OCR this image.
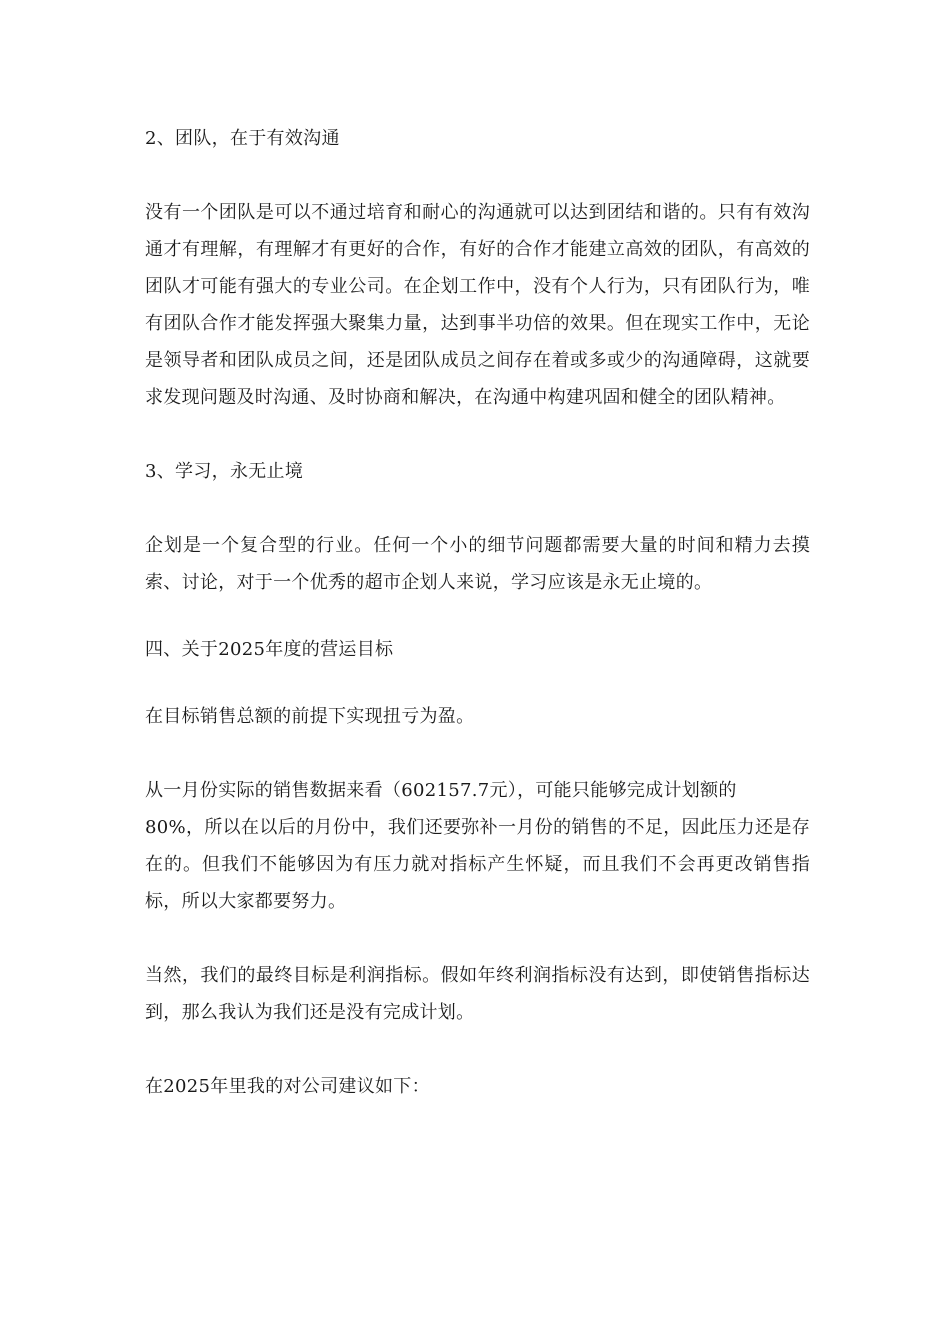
2、团队，在于有效沟通

没有一个团队是可以不通过培育和耐心的沟通就可以达到团结和谐的。只有有效沟通才有理解，有理解才有更好的合作，有好的合作才能建立高效的团队，有高效的团队才可能有强大的专业公司。在企划工作中，没有个人行为，只有团队行为，唯有团队合作才能发挥强大聚集力量，达到事半功倍的效果。但在现实工作中，无论是领导者和团队成员之间，还是团队成员之间存在着或多或少的沟通障碍，这就要求发现问题及时沟通、及时协商和解决，在沟通中构建巩固和健全的团队精神。

3、学习，永无止境

企划是一个复合型的行业。任何一个小的细节问题都需要大量的时间和精力去摸索、讨论，对于一个优秀的超市企划人来说，学习应该是永无止境的。

四、关于2025年度的营运目标

在目标销售总额的前提下实现扭亏为盈。

从一月份实际的销售数据来看（602157.7元），可能只能够完成计划额的

80%，所以在以后的月份中，我们还要弥补一月份的销售的不足，因此压力还是存在的。但我们不能够因为有压力就对指标产生怀疑，而且我们不会再更改销售指标，所以大家都要努力。

当然，我们的最终目标是利润指标。假如年终利润指标没有达到，即使销售指标达到，那么我认为我们还是没有完成计划。

在2025年里我的对公司建议如下：
